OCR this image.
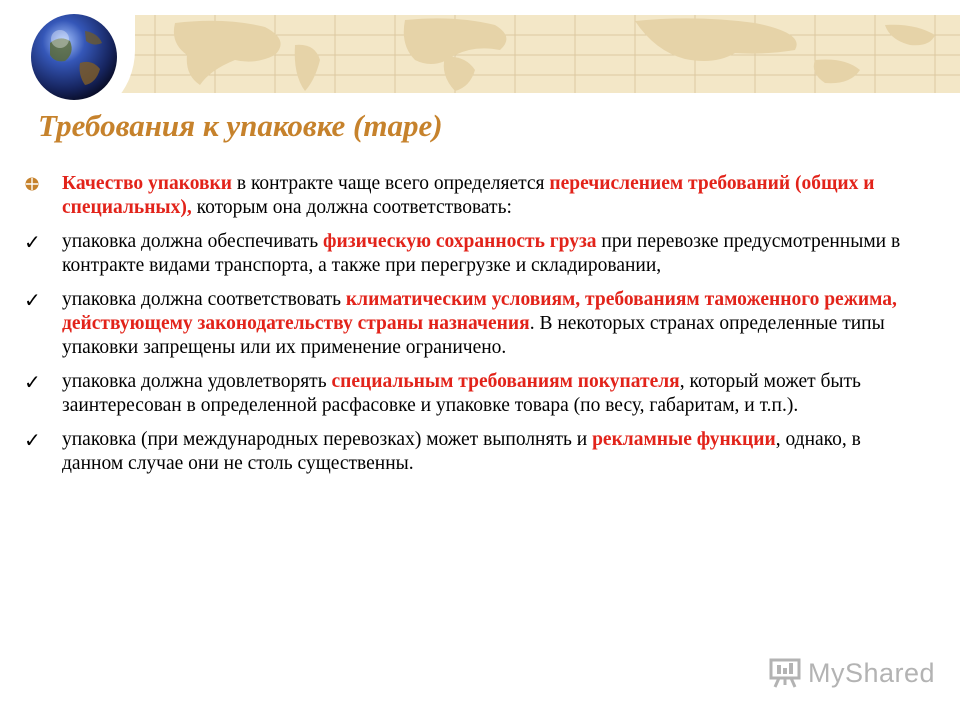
Требования к упаковке (таре)
Качество упаковки в контракте чаще всего определяется перечислением требований (общих и специальных), которым она должна соответствовать:
✓ упаковка должна обеспечивать физическую сохранность груза при перевозке предусмотренными в контракте видами транспорта, а также при перегрузке и складировании,
✓ упаковка должна соответствовать климатическим условиям, требованиям таможенного режима, действующему законодательству страны назначения. В некоторых странах определенные типы упаковки запрещены или их применение ограничено.
✓ упаковка должна удовлетворять специальным требованиям покупателя, который может быть заинтересован в определенной расфасовке и упаковке товара (по весу, габаритам, и т.п.).
✓ упаковка (при международных перевозках) может выполнять и рекламные функции, однако, в данном случае они не столь существенны.
MyShared
